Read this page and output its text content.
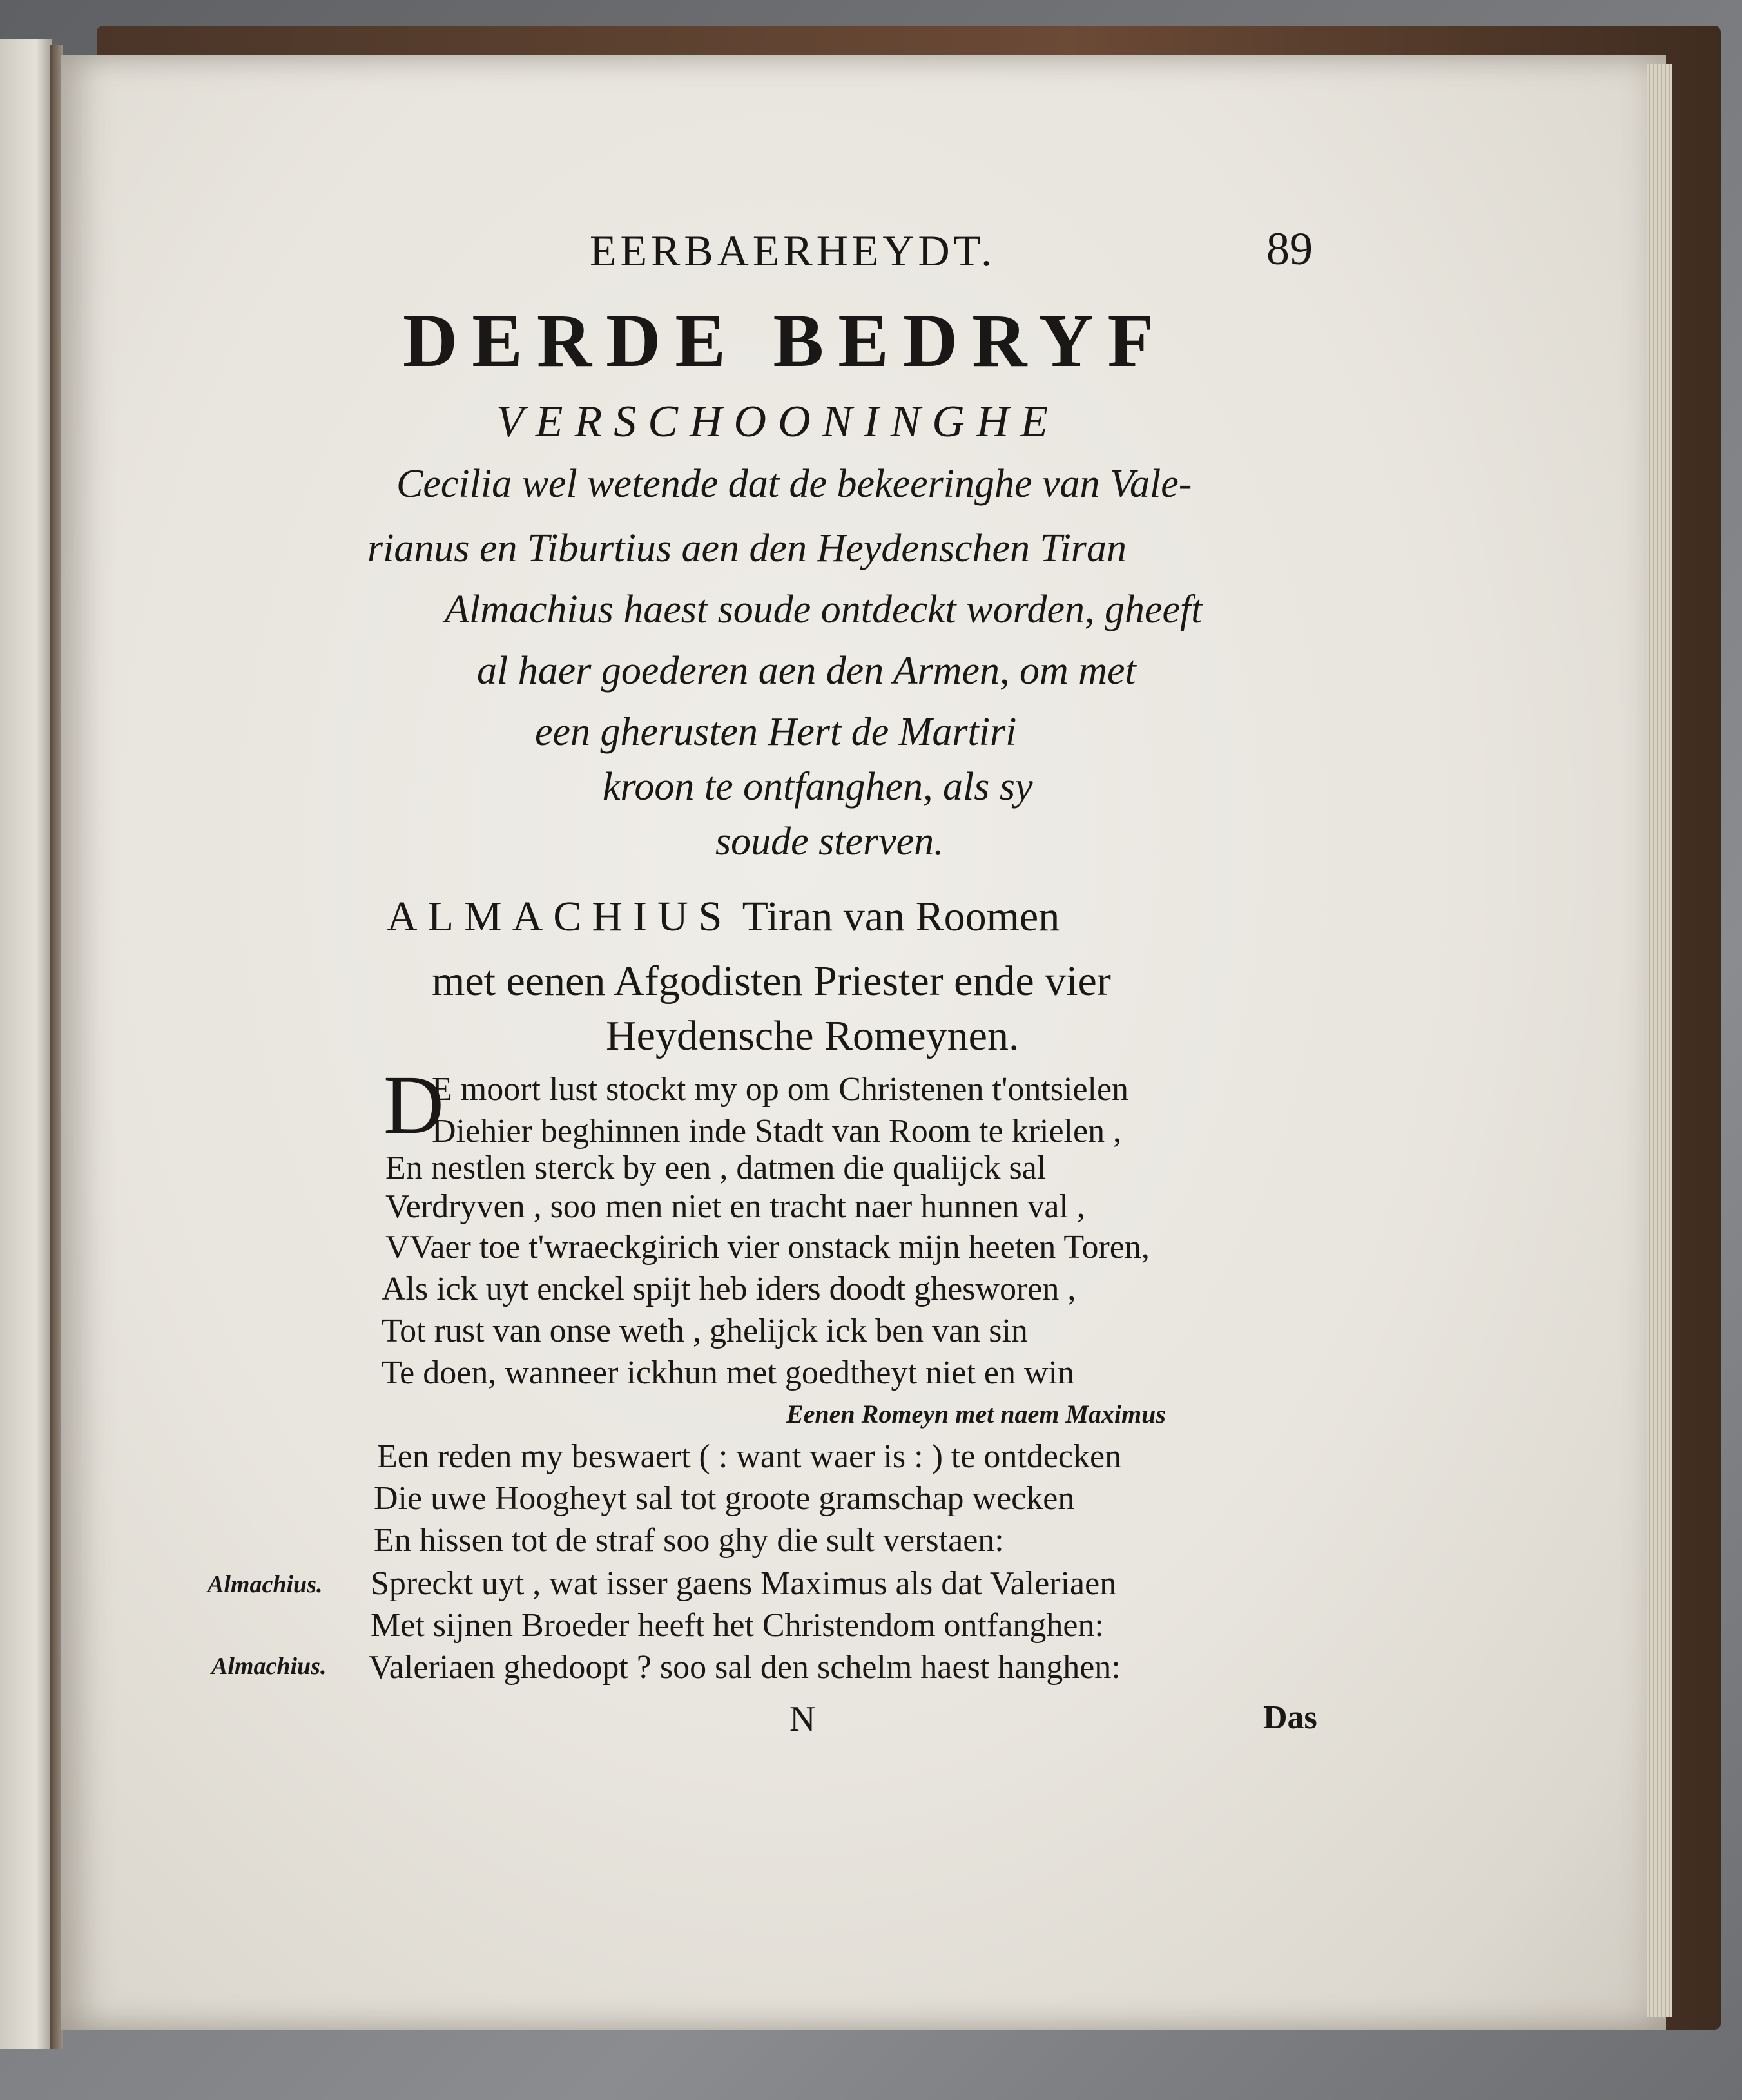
EERBAERHEYDT.	89
DERDE BEDRYF
VERSCHOONINGHE
Cecilia wel wetende dat de bekeeringhe van Vale-
rianus en Tiburtius aen den Heydenschen Tiran
Almachius haest soude ontdeckt worden, gheeft
al haer goederen aen den Armen, om met
een gherusten Hert de Martiri
kroon te ontfanghen, als sy
soude sterven.
ALMACHIUS Tiran van Roomen
met eenen Afgodisten Priester ende vier
Heydensche Romeynen.
D
E moort lust stockt my op om Christenen t'ontsielen
Diehier beghinnen inde Stadt van Room te krielen ,
En nestlen sterck by een , datmen die qualijck sal
Verdryven , soo men niet en tracht naer hunnen val ,
VVaer toe t'wraeckgirich vier onstack mijn heeten Toren,
Als ick uyt enckel spijt heb iders doodt ghesworen ,
Tot rust van onse weth , ghelijck ick ben van sin
Te doen, wanneer ickhun met goedtheyt niet en win
Eenen Romeyn met naem Maximus
Een reden my beswaert ( : want waer is : ) te ontdecken
Die uwe Hoogheyt sal tot groote gramschap wecken
En hissen tot de straf soo ghy die sult verstaen:
Almachius. Spreckt uyt , wat isser gaens Maximus als dat Valeriaen
Met sijnen Broeder heeft het Christendom ontfanghen:
Almachius. Valeriaen ghedoopt ? soo sal den schelm haest hanghen:
N	Das
